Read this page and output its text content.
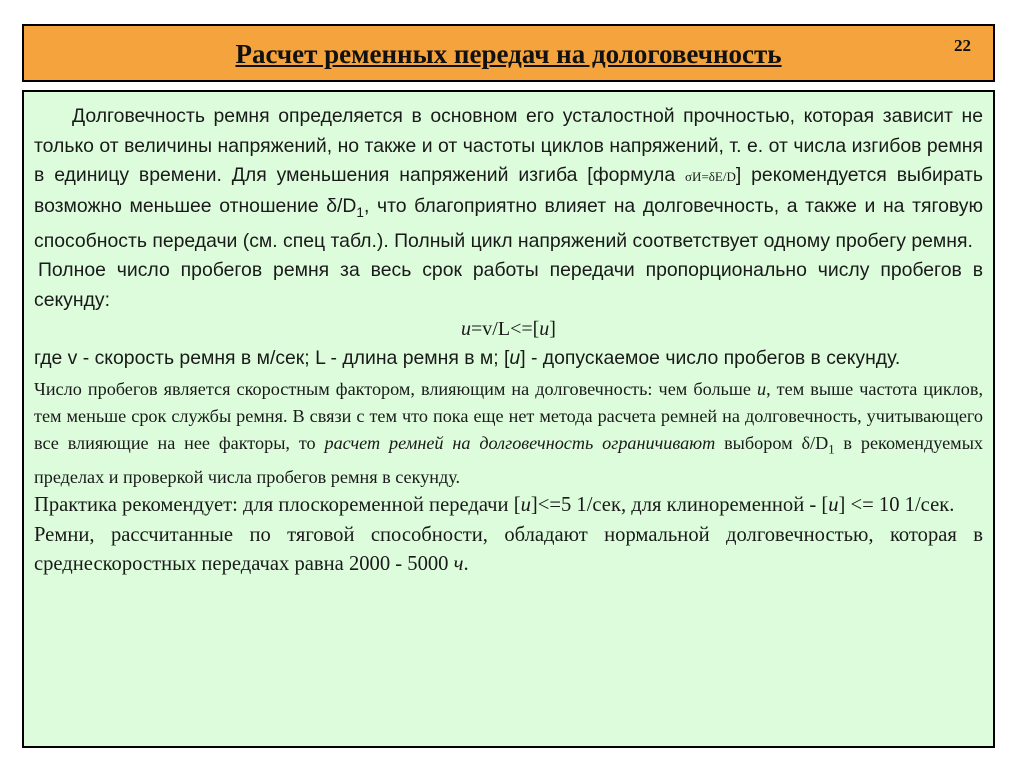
Расчет ременных передач на дологовечность	22

Долговечность ремня определяется в основном его усталостной прочностью, которая зависит не только от величины напряжений, но также и от частоты циклов напряжений, т. е. от числа изгибов ремня в единицу времени. Для уменьшения напряжений изгиба [формула σИ=δE/D] рекомендуется выбирать возможно меньшее отношение $\delta/D_1$, что благоприятно влияет на долговечность, а также и на тяговую способность передачи (см. спец табл.). Полный цикл напряжений соответствует одному пробегу ремня.

Полное число пробегов ремня за весь срок работы передачи пропорционально числу пробегов в секунду:

u=v/L<=[u]

где v - скорость ремня в м/сек; L - длина ремня в м; [u] - допускаемое число пробегов в секунду.

Число пробегов является скоростным фактором, влияющим на долговечность: чем больше u, тем выше частота циклов, тем меньше срок службы ремня. В связи с тем что пока еще нет метода расчета ремней на долговечность, учитывающего все влияющие на нее факторы, то расчет ремней на долговечность ограничивают выбором $\delta/D_1$ в рекомендуемых пределах и проверкой числа пробегов ремня в секунду.

Практика рекомендует: для плоскоременной передачи [u]<=5 1/сек, для клиноременной - [u] <= 10 1/сек.

Ремни, рассчитанные по тяговой способности, обладают нормальной долговечностью, которая в среднескоростных передачах равна 2000 - 5000 ч.
